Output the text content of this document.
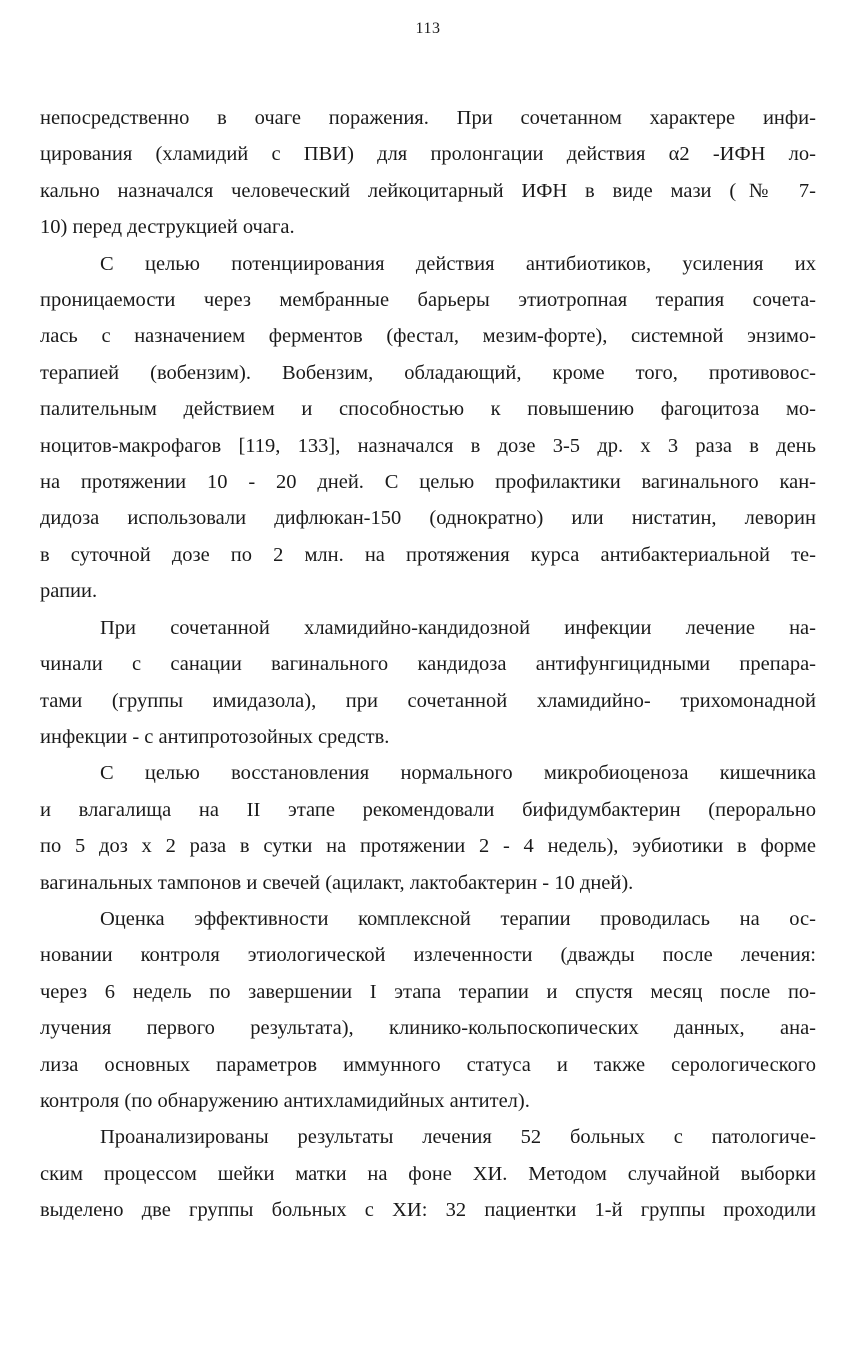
113

непосредственно в очаге поражения. При сочетанном характере инфи-
цирования (хламидий с ПВИ) для пролонгации действия α2 -ИФН ло-
кально назначался человеческий лейкоцитарный ИФН в виде мази (№ 7-
10) перед деструкцией очага.

С целью потенциирования действия антибиотиков, усиления их
проницаемости через мембранные барьеры этиотропная терапия сочета-
лась с назначением ферментов (фестал, мезим-форте), системной энзимо-
терапией (вобензим). Вобензим, обладающий, кроме того, противовос-
палительным действием и способностью к повышению фагоцитоза мо-
ноцитов-макрофагов [119, 133], назначался в дозе 3-5 др. х 3 раза в день
на протяжении 10 - 20 дней. С целью профилактики вагинального кан-
дидоза использовали дифлюкан-150 (однократно) или нистатин, леворин
в суточной дозе по 2 млн. на протяжения курса антибактериальной те-
рапии.

При сочетанной хламидийно-кандидозной инфекции лечение на-
чинали с санации вагинального кандидоза антифунгицидными препара-
тами (группы имидазола), при сочетанной хламидийно- трихомонадной
инфекции - с антипротозойных средств.

С целью восстановления нормального микробиоценоза кишечника
и влагалища на II этапе рекомендовали бифидумбактерин (перорально
по 5 доз х 2 раза в сутки на протяжении 2 - 4 недель), эубиотики в форме
вагинальных тампонов и свечей (ацилакт, лактобактерин - 10 дней).

Оценка эффективности комплексной терапии проводилась на ос-
новании контроля этиологической излеченности (дважды после лечения:
через 6 недель по завершении I этапа терапии и спустя месяц после по-
лучения первого результата), клинико-кольпоскопических данных, ана-
лиза основных параметров иммунного статуса и также серологического
контроля (по обнаружению антихламидийных антител).

Проанализированы результаты лечения 52 больных с патологиче-
ским процессом шейки матки на фоне ХИ. Методом случайной выборки
выделено две группы больных с ХИ: 32 пациентки 1-й группы проходили
